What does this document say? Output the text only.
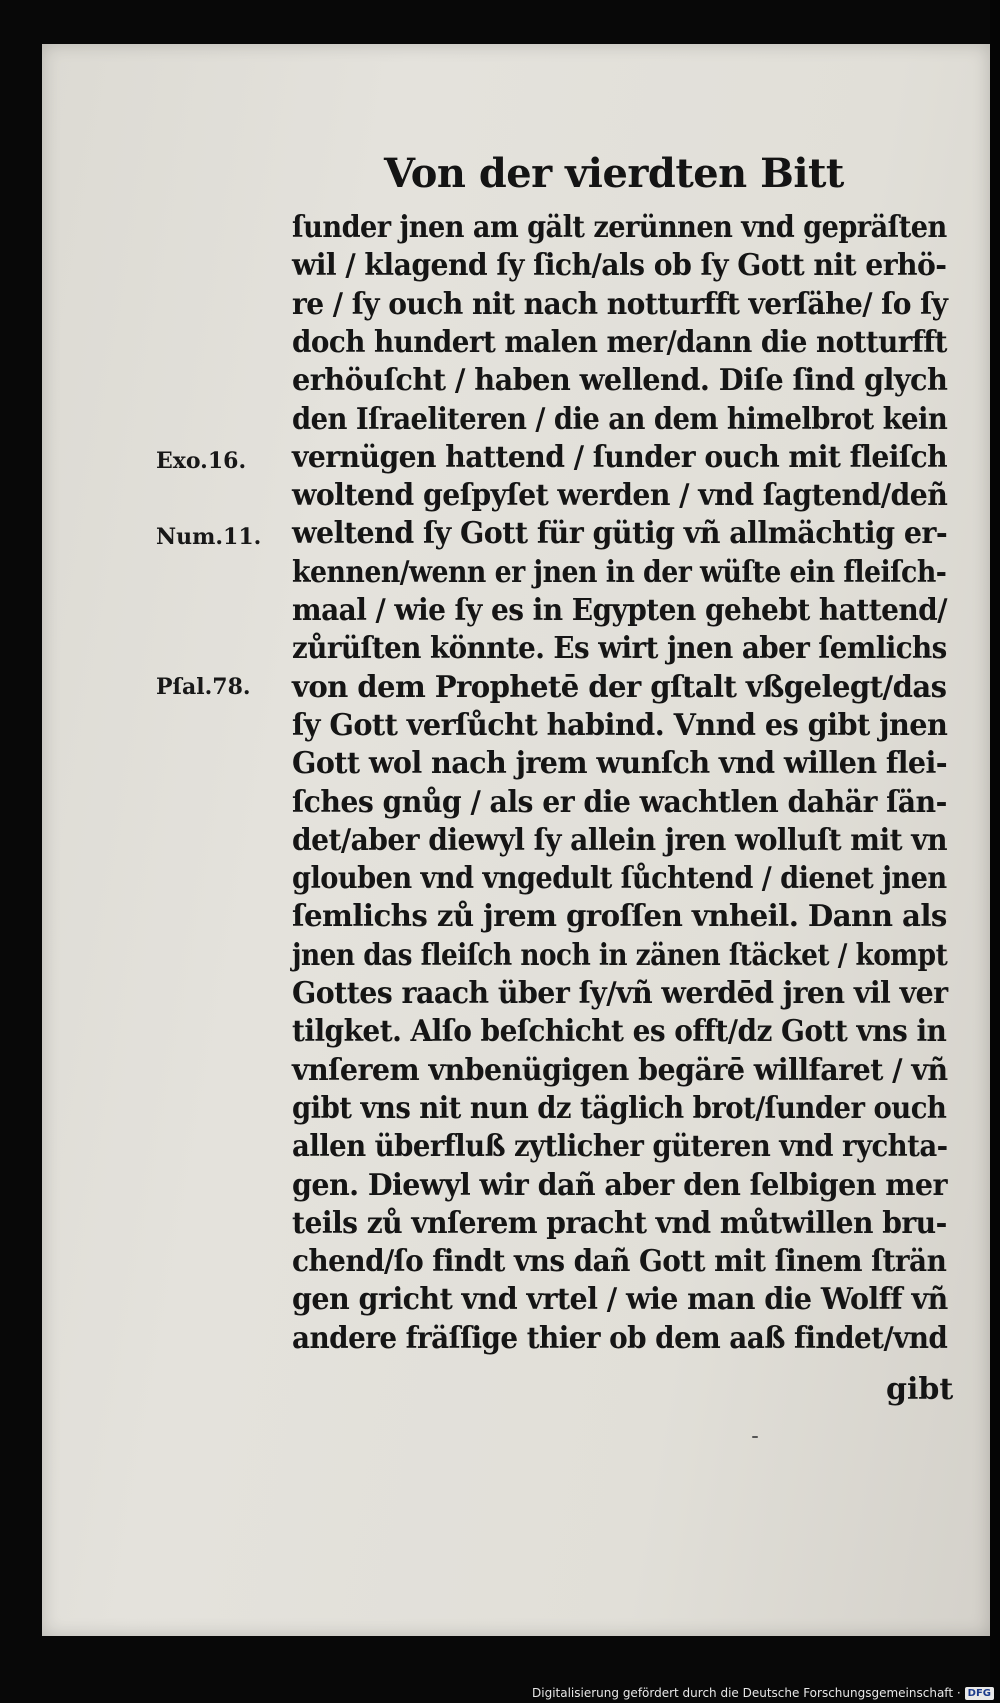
Von der vierdten Bitt
ſunder jnen am gält zerünnen vnd gepräſten
wil / klagend ſy ſich/als ob ſy Gott nit erhö-
re / ſy ouch nit nach notturfft verſähe/ ſo ſy
doch hundert malen mer/dann die notturfft
erhöuſcht / haben wellend. Diſe ſind glych
den Iſraeliteren / die an dem himelbrot kein
vernügen hattend / ſunder ouch mit fleiſch
woltend geſpyſet werden / vnd ſagtend/deñ
weltend ſy Gott für gütig vñ allmächtig er-
kennen/wenn er jnen in der wüſte ein fleiſch-
maal / wie ſy es in Egypten gehebt hattend/
zůrüſten könnte. Es wirt jnen aber ſemlichs
von dem Prophetē der gſtalt vßgelegt/das
ſy Gott verſůcht habind. Vnnd es gibt jnen
Gott wol nach jrem wunſch vnd willen flei-
ſches gnůg / als er die wachtlen dahär ſän-
det/aber diewyl ſy allein jren wolluſt mit vn
glouben vnd vngedult ſůchtend / dienet jnen
ſemlichs zů jrem groſſen vnheil. Dann als
jnen das fleiſch noch in zänen ſtäcket / kompt
Gottes raach über ſy/vñ werdēd jren vil ver
tilgket. Alſo beſchicht es offt/dz Gott vns in
vnſerem vnbenügigen begärē willfaret / vñ
gibt vns nit nun dz täglich brot/ſunder ouch
allen überfluß zytlicher güteren vnd rychta-
gen. Diewyl wir dañ aber den ſelbigen mer
teils zů vnſerem pracht vnd můtwillen bru-
chend/ſo findt vns dañ Gott mit ſinem ſträn
gen gricht vnd vrtel / wie man die Wolff vñ
andere fräſſige thier ob dem aaß findet/vnd
Exo.16.
Num.11.
Pſal.78.
gibt
Digitalisierung gefördert durch die Deutsche Forschungsgemeinschaft · DFG
